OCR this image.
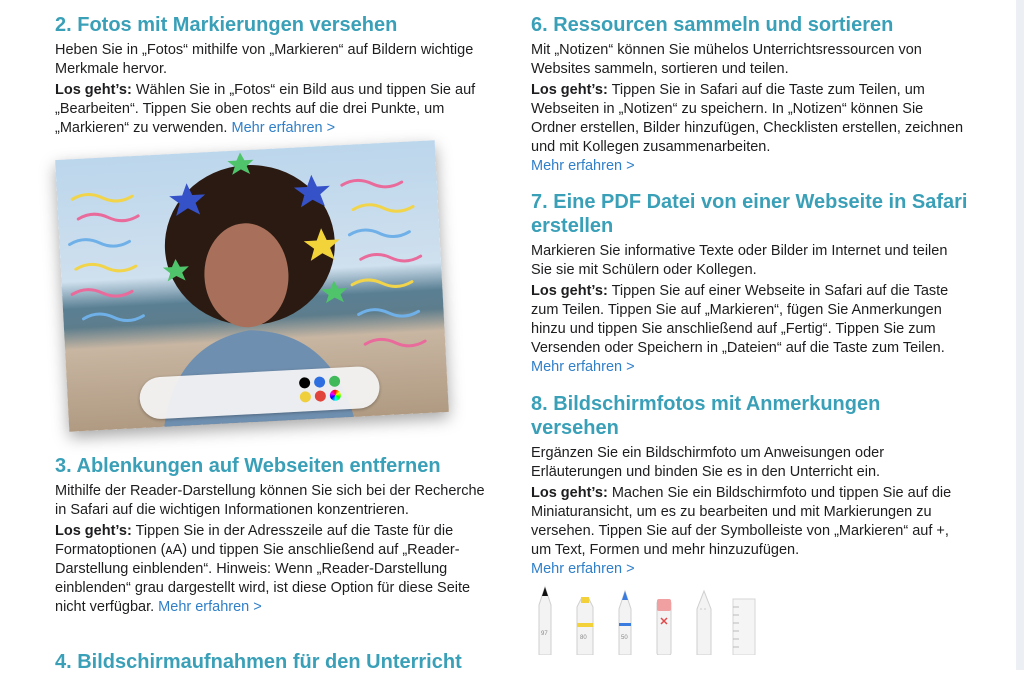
2. Fotos mit Markierungen versehen

Heben Sie in „Fotos“ mithilfe von „Markieren“ auf Bildern wichtige Merkmale hervor.

Los geht’s: Wählen Sie in „Fotos“ ein Bild aus und tippen Sie auf „Bearbeiten“. Tippen Sie oben rechts auf die drei Punkte, um „Markieren“ zu verwenden. Mehr erfahren >

3. Ablenkungen auf Webseiten entfernen

Mithilfe der Reader-Darstellung können Sie sich bei der Recherche in Safari auf die wichtigen Informationen konzentrieren.

Los geht’s: Tippen Sie in der Adresszeile auf die Taste für die Formatoptionen (ᴀA) und tippen Sie anschließend auf „Reader-Darstellung einblenden“. Hinweis: Wenn „Reader-Darstellung einblenden“ grau dargestellt wird, ist diese Option für diese Seite nicht verfügbar. Mehr erfahren >

4. Bildschirmaufnahmen für den Unterricht
6. Ressourcen sammeln und sortieren

Mit „Notizen“ können Sie mühelos Unterrichtsressourcen von Websites sammeln, sortieren und teilen.

Los geht’s: Tippen Sie in Safari auf die Taste zum Teilen, um Webseiten in „Notizen“ zu speichern. In „Notizen“ können Sie Ordner erstellen, Bilder hinzufügen, Checklisten erstellen, zeichnen und mit Kollegen zusammenarbeiten.

Mehr erfahren >

7. Eine PDF Datei von einer Webseite in Safari erstellen

Markieren Sie informative Texte oder Bilder im Internet und teilen Sie sie mit Schülern oder Kollegen.

Los geht’s: Tippen Sie auf einer Webseite in Safari auf die Taste zum Teilen. Tippen Sie auf „Markieren“, fügen Sie Anmerkungen hinzu und tippen Sie anschließend auf „Fertig“. Tippen Sie zum Versenden oder Speichern in „Dateien“ auf die Taste zum Teilen. Mehr erfahren >

8. Bildschirmfotos mit Anmerkungen versehen

Ergänzen Sie ein Bildschirmfoto um Anweisungen oder Erläuterungen und binden Sie es in den Unterricht ein.

Los geht’s: Machen Sie ein Bildschirmfoto und tippen Sie auf die Miniaturansicht, um es zu bearbeiten und mit Markierungen zu versehen. Tippen Sie auf der Symbolleiste von „Markieren“ auf +, um Text, Formen und mehr hinzuzufügen.

Mehr erfahren >

97
80	50
